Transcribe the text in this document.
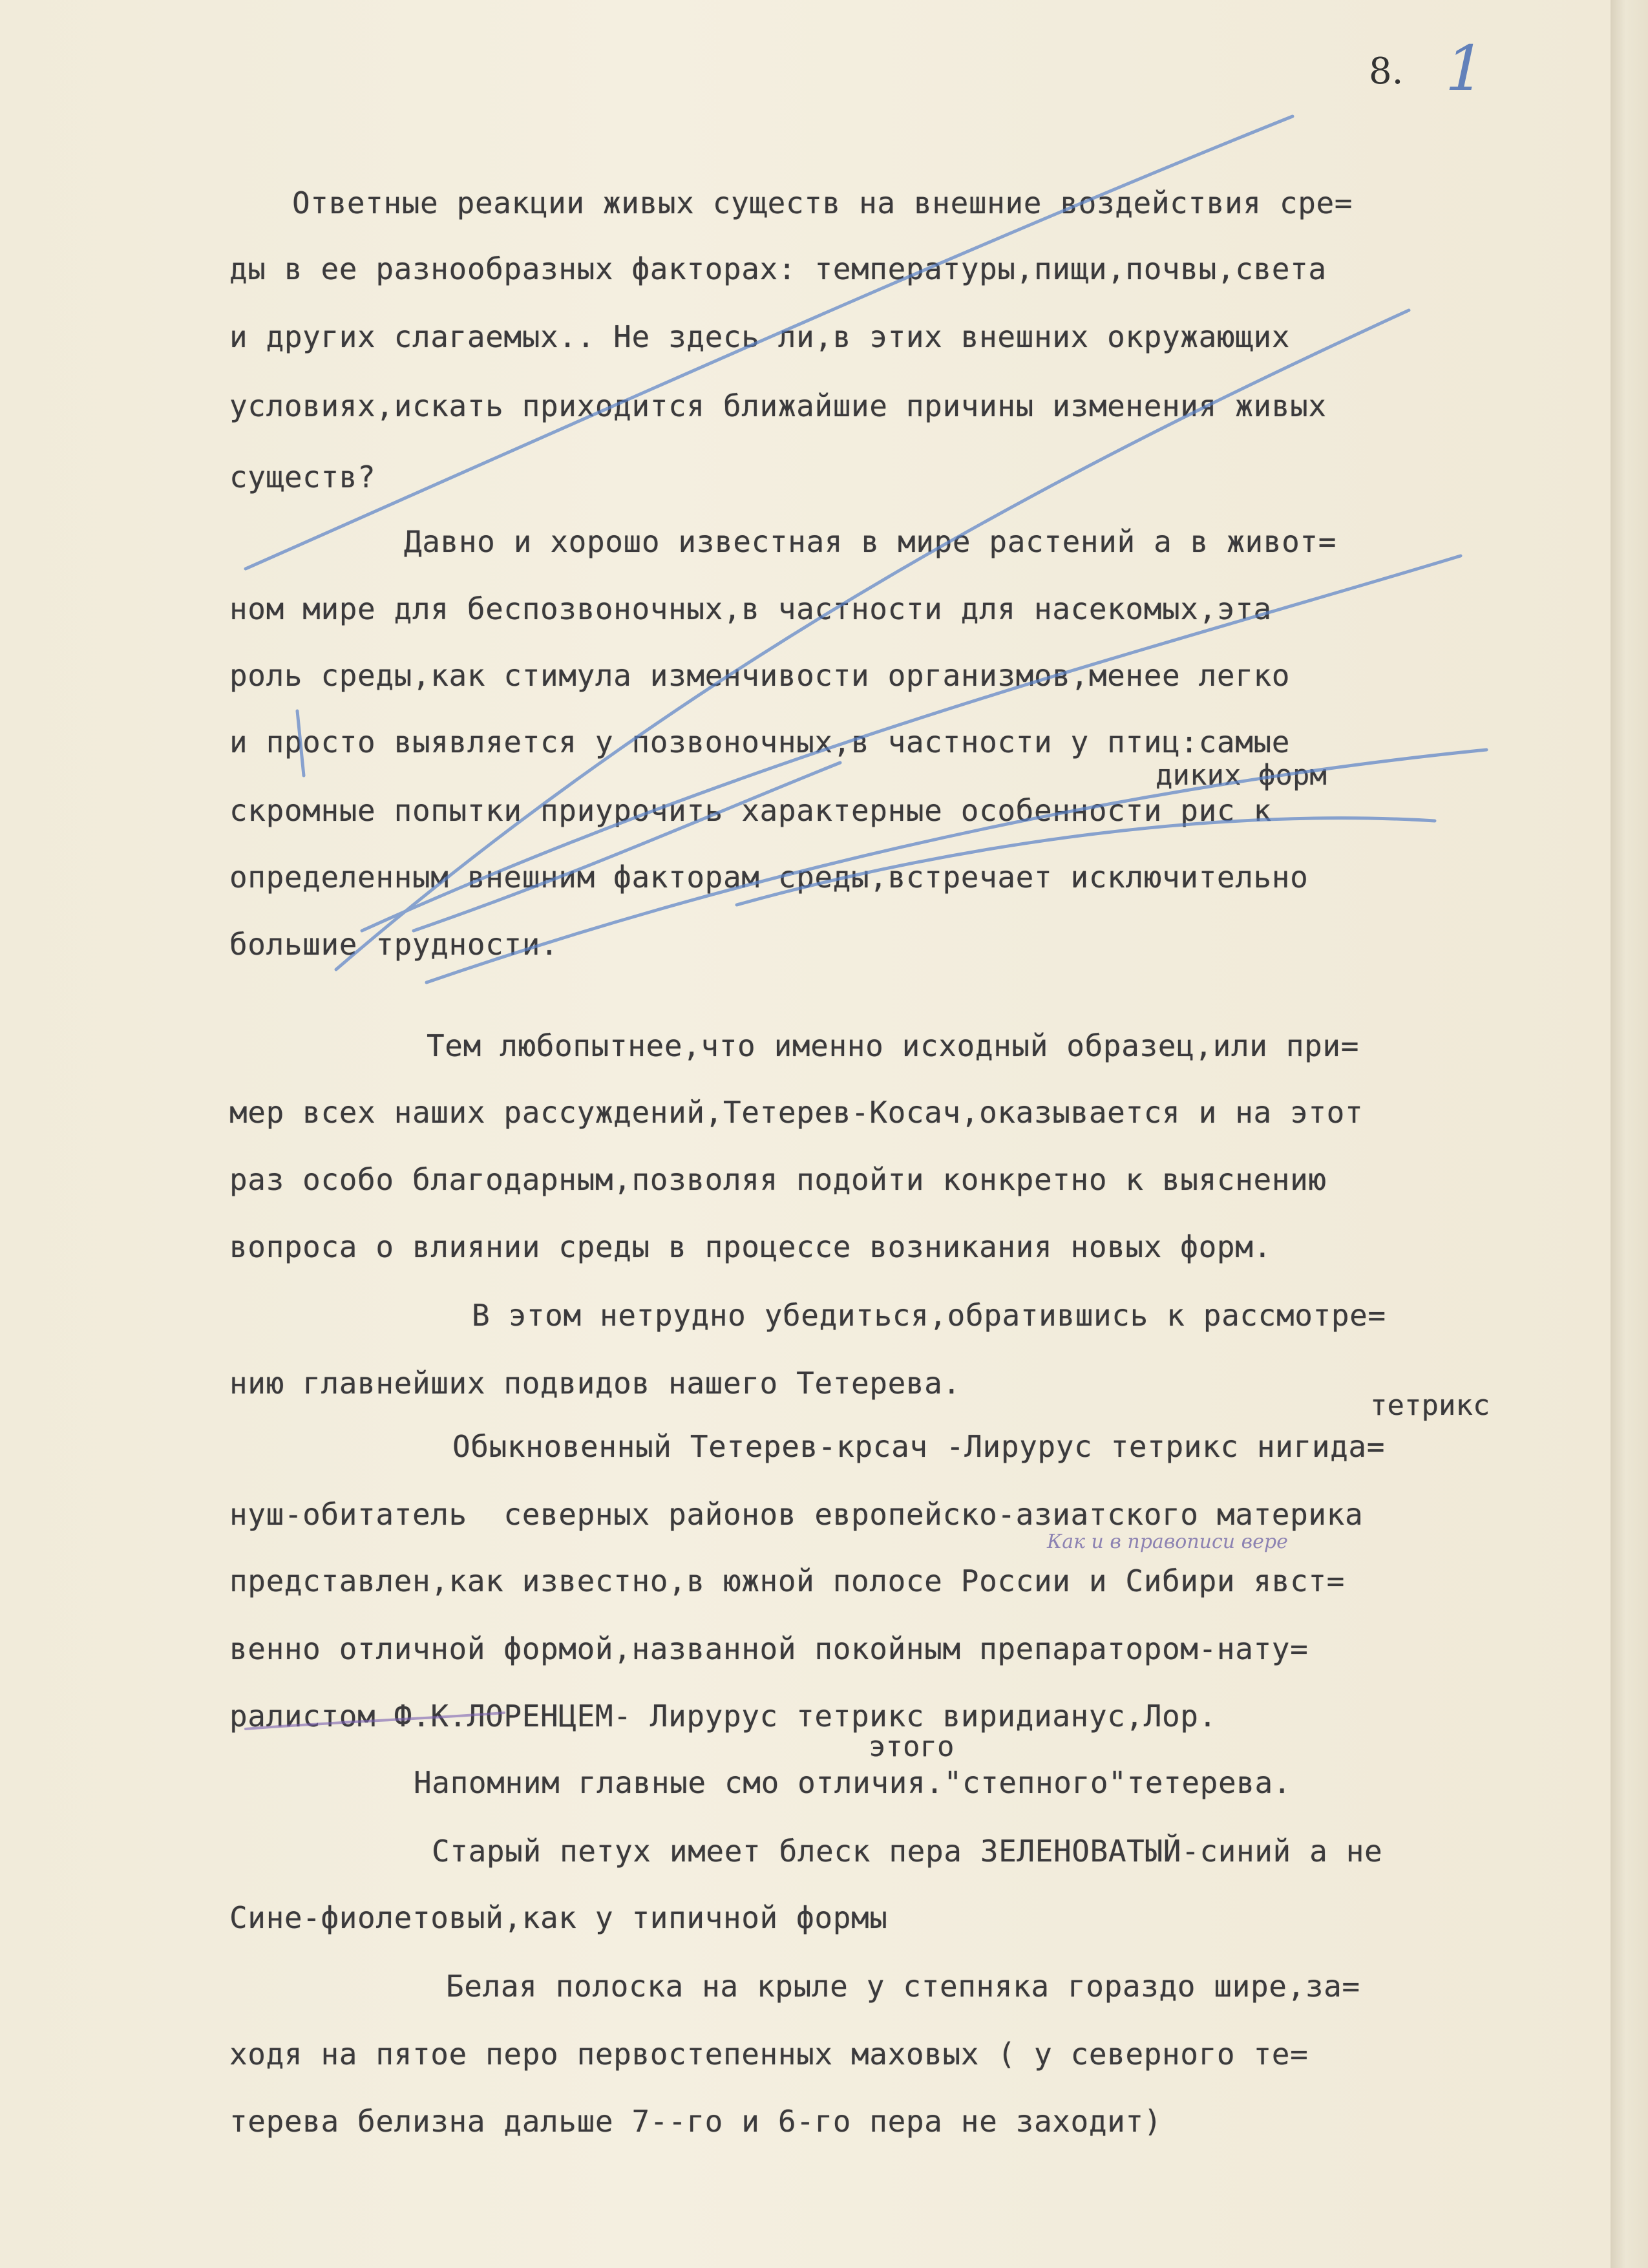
8. 1
Ответные реакции живых существ на внешние воздействия сре=
ды в ее разнообразных факторах: температуры,пищи,почвы,света
и других слагаемых.. Не здесь ли,в этих внешних окружающих
условиях,искать приходится ближайшие причины изменения живых
существ?
Давно и хорошо известная в мире растений а в живот=
ном мире для беспозвоночных,в частности для насекомых,эта
роль среды,как стимула изменчивости организмов,менее легко
и просто выявляется у позвоночных,в частности у птиц:самые
диких форм
скромные попытки приурочить характерные особенности рис к
определенным внешним факторам среды,встречает исключительно
большие трудности.
Тем любопытнее,что именно исходный образец,или при=
мер всех наших рассуждений,Тетерев-Косач,оказывается и на этот
раз особо благодарным,позволяя подойти конкретно к выяснению
вопроса о влиянии среды в процессе возникания новых форм.
В этом нетрудно убедиться,обратившись к рассмотре=
нию главнейших подвидов нашего Тетерева.
тетрикс
Обыкновенный Тетерев-крсач -Лирурус тетрикс нигида=
нуш-обитатель  северных районов европейско-азиатского материка
Как и в правописи вере
представлен,как известно,в южной полосе России и Сибири явст=
венно отличной формой,названной покойным препаратором-нату=
ралистом Ф.К.ЛОРЕНЦЕМ- Лирурус тетрикс виридианус,Лор.
этого
Напомним главные смо отличия."степного"тетерева.
Старый петух имеет блеск пера ЗЕЛЕНОВАТЫЙ-синий а не
Сине-фиолетовый,как у типичной формы
Белая полоска на крыле у степняка гораздо шире,за=
ходя на пятое перо первостепенных маховых ( у северного те=
терева белизна дальше 7--го и 6-го пера не заходит)
